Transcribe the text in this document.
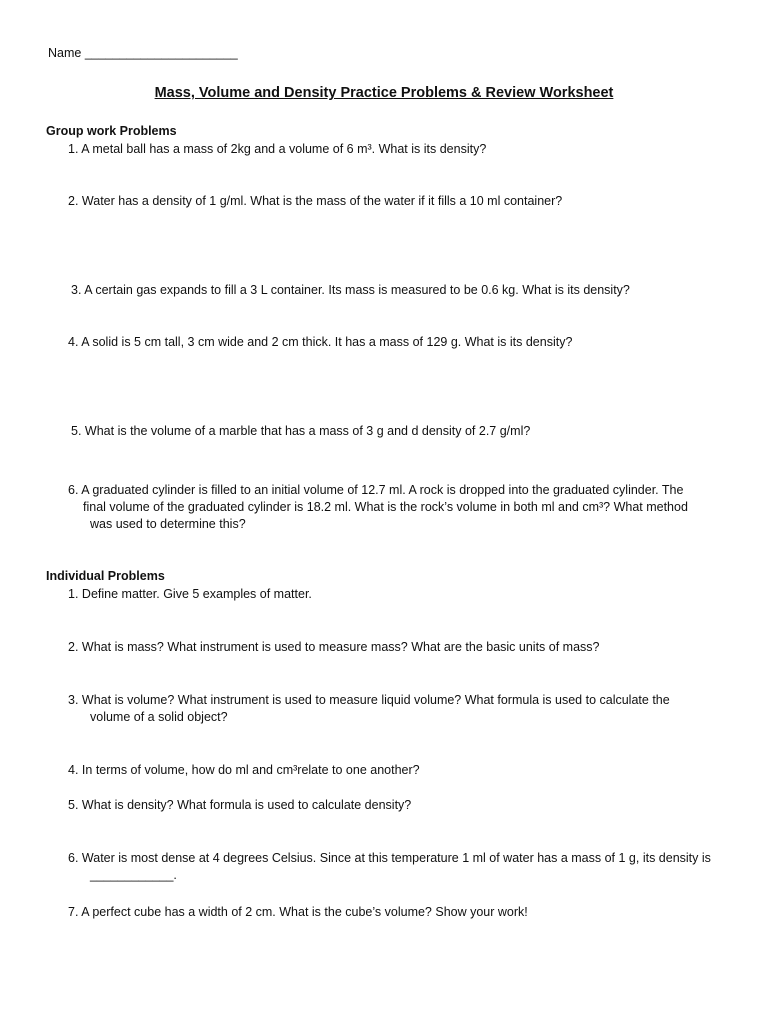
Name ______________________
Mass, Volume and Density Practice Problems & Review Worksheet
Group work Problems
1. A metal ball has a mass of 2kg and a volume of 6 m³. What is its density?
2. Water has a density of 1 g/ml. What is the mass of the water if it fills a 10 ml container?
3. A certain gas expands to fill a 3 L container. Its mass is measured to be 0.6 kg. What is its density?
4. A solid is 5 cm tall, 3 cm wide and 2 cm thick. It has a mass of 129 g. What is its density?
5. What is the volume of a marble that has a mass of 3 g and d density of 2.7 g/ml?
6. A graduated cylinder is filled to an initial volume of 12.7 ml. A rock is dropped into the graduated cylinder. The
final volume of the graduated cylinder is 18.2 ml. What is the rock’s volume in both ml and cm³? What method
was used to determine this?
Individual Problems
1. Define matter. Give 5 examples of matter.
2. What is mass? What instrument is used to measure mass? What are the basic units of mass?
3. What is volume? What instrument is used to measure liquid volume? What formula is used to calculate the
volume of a solid object?
4. In terms of volume, how do ml and cm³relate to one another?
5. What is density? What formula is used to calculate density?
6. Water is most dense at 4 degrees Celsius. Since at this temperature 1 ml of water has a mass of 1 g, its density is
____________.
7. A perfect cube has a width of 2 cm. What is the cube’s volume? Show your work!
